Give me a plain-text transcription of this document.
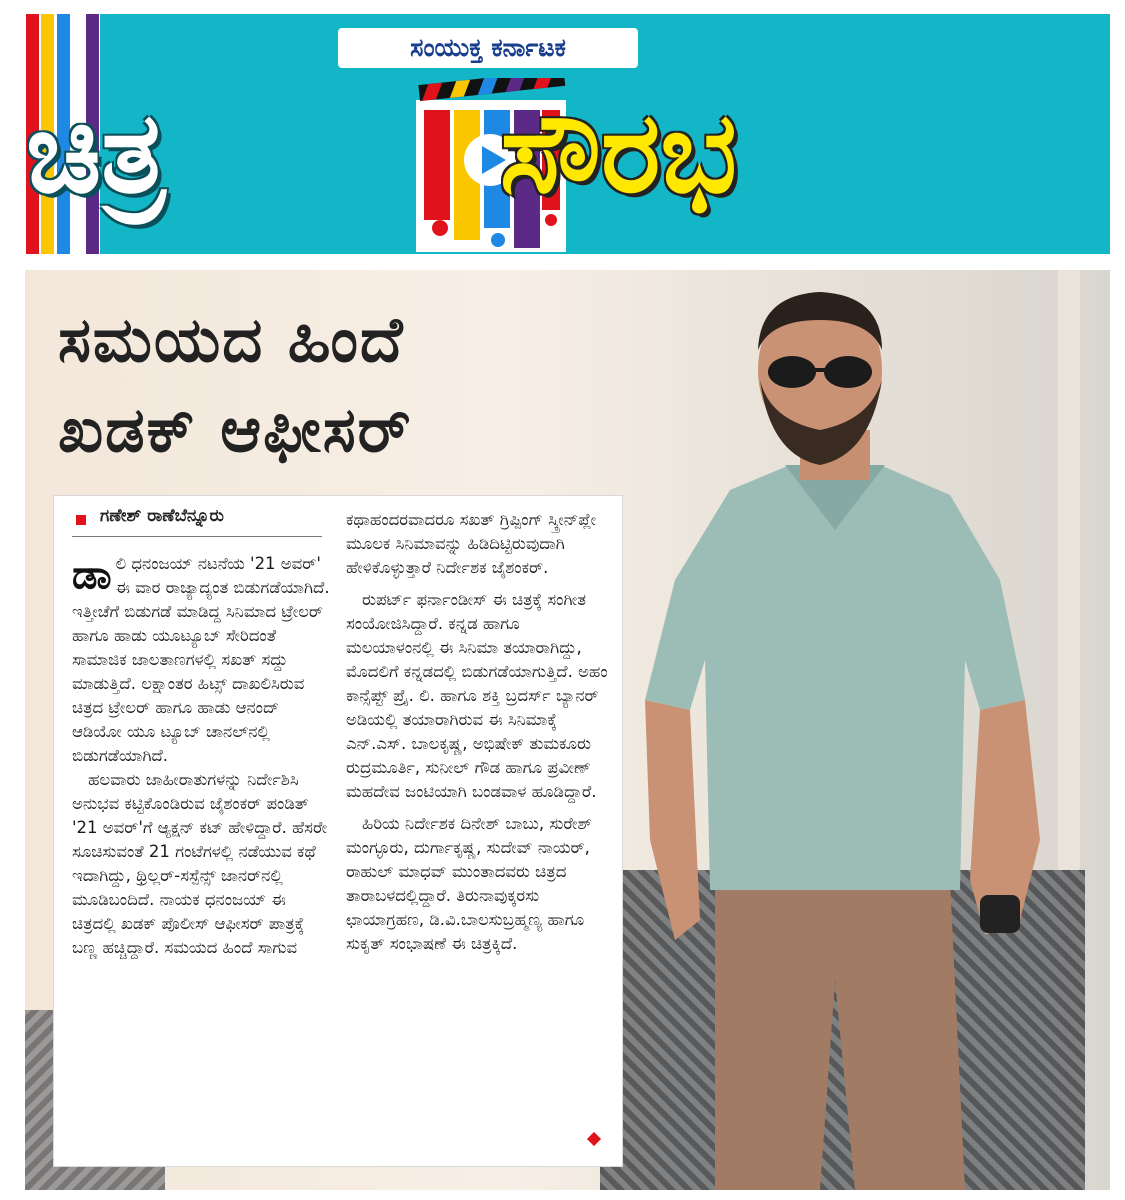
ಸಂಯುಕ್ತ ಕರ್ನಾಟಕ
ಚಿತ್ರ	ಸೌರಭ
ಸಮಯದ ಹಿಂದೆ
ಖಡಕ್ ಆಫೀಸರ್
ಗಣೇಶ್ ರಾಣೆಬೆನ್ನೂರು

ಡಾಲಿ ಧನಂಜಯ್ ನಟನೆಯ '21 ಅವರ್' ಈ ವಾರ ರಾಜ್ಯಾದ್ಯಂತ ಬಿಡುಗಡೆಯಾಗಿದೆ. ಇತ್ತೀಚೆಗೆ ಬಿಡುಗಡೆ ಮಾಡಿದ್ದ ಸಿನಿಮಾದ ಟ್ರೇಲರ್ ಹಾಗೂ ಹಾಡು ಯೂಟ್ಯೂಬ್ ಸೇರಿದಂತೆ ಸಾಮಾಜಿಕ ಜಾಲತಾಣಗಳಲ್ಲಿ ಸಖತ್ ಸದ್ದು ಮಾಡುತ್ತಿದೆ. ಲಕ್ಷಾಂತರ ಹಿಟ್ಸ್ ದಾಖಲಿಸಿರುವ ಚಿತ್ರದ ಟ್ರೇಲರ್ ಹಾಗೂ ಹಾಡು ಆನಂದ್ ಆಡಿಯೋ ಯೂ ಟ್ಯೂಬ್ ಚಾನಲ್‌ನಲ್ಲಿ ಬಿಡುಗಡೆಯಾಗಿದೆ.

ಹಲವಾರು ಜಾಹೀರಾತುಗಳನ್ನು ನಿರ್ದೇಶಿಸಿ ಅನುಭವ ಕಟ್ಟಿಕೊಂಡಿರುವ ಜೈಶಂಕರ್ ಪಂಡಿತ್ '21 ಅವರ್'ಗೆ ಆ್ಯಕ್ಷನ್ ಕಟ್ ಹೇಳಿದ್ದಾರೆ. ಹೆಸರೇ ಸೂಚಿಸುವಂತೆ 21 ಗಂಟೆಗಳಲ್ಲಿ ನಡೆಯುವ ಕಥೆ ಇದಾಗಿದ್ದು, ಥ್ರಿಲ್ಲರ್-ಸಸ್ಪೆನ್ಸ್ ಜಾನರ್‌ನಲ್ಲಿ ಮೂಡಿಬಂದಿದೆ. ನಾಯಕ ಧನಂಜಯ್ ಈ ಚಿತ್ರದಲ್ಲಿ ಖಡಕ್ ಪೊಲೀಸ್ ಆಫೀಸರ್ ಪಾತ್ರಕ್ಕೆ ಬಣ್ಣ ಹಚ್ಚಿದ್ದಾರೆ. ಸಮಯದ ಹಿಂದೆ ಸಾಗುವ

ಕಥಾಹಂದರವಾದರೂ ಸಖತ್ ಗ್ರಿಪ್ಪಿಂಗ್ ಸ್ಕ್ರೀನ್‌ಪ್ಲೇ ಮೂಲಕ ಸಿನಿಮಾವನ್ನು ಹಿಡಿದಿಟ್ಟಿರುವುದಾಗಿ ಹೇಳಿಕೊಳ್ಳುತ್ತಾರೆ ನಿರ್ದೇಶಕ ಜೈಶಂಕರ್.

ರುಪರ್ಟ್ ಫರ್ನಾಂಡೀಸ್ ಈ ಚಿತ್ರಕ್ಕೆ ಸಂಗೀತ ಸಂಯೋಜಿಸಿದ್ದಾರೆ. ಕನ್ನಡ ಹಾಗೂ ಮಲಯಾಳಂನಲ್ಲಿ ಈ ಸಿನಿಮಾ ತಯಾರಾಗಿದ್ದು, ಮೊದಲಿಗೆ ಕನ್ನಡದಲ್ಲಿ ಬಿಡುಗಡೆಯಾಗುತ್ತಿದೆ. ಅಹಂ ಕಾನ್ಸೆಪ್ಟ್ ಪ್ರೈ. ಲಿ. ಹಾಗೂ ಶಕ್ತಿ ಬ್ರದರ್ಸ್ ಬ್ಯಾನರ್ ಅಡಿಯಲ್ಲಿ ತಯಾರಾಗಿರುವ ಈ ಸಿನಿಮಾಕ್ಕೆ ಎನ್.ಎಸ್. ಬಾಲಕೃಷ್ಣ, ಅಭಿಷೇಕ್ ತುಮಕೂರು ರುದ್ರಮೂರ್ತಿ, ಸುನೀಲ್ ಗೌಡ ಹಾಗೂ ಪ್ರವೀಣ್ ಮಹದೇವ ಜಂಟಿಯಾಗಿ ಬಂಡವಾಳ ಹೂಡಿದ್ದಾರೆ.

ಹಿರಿಯ ನಿರ್ದೇಶಕ ದಿನೇಶ್ ಬಾಬು, ಸುರೇಶ್ ಮಂಗ್ಳೂರು, ದುರ್ಗಾಕೃಷ್ಣ, ಸುದೇವ್ ನಾಯರ್, ರಾಹುಲ್ ಮಾಧವ್ ಮುಂತಾದವರು ಚಿತ್ರದ ತಾರಾಬಳದಲ್ಲಿದ್ದಾರೆ. ತಿರುನಾವುಕ್ಕರಸು ಛಾಯಾಗ್ರಹಣ, ಡಿ.ವಿ.ಬಾಲಸುಬ್ರಹ್ಮಣ್ಯ ಹಾಗೂ ಸುಕೃತ್ ಸಂಭಾಷಣೆ ಈ ಚಿತ್ರಕ್ಕಿದೆ.
